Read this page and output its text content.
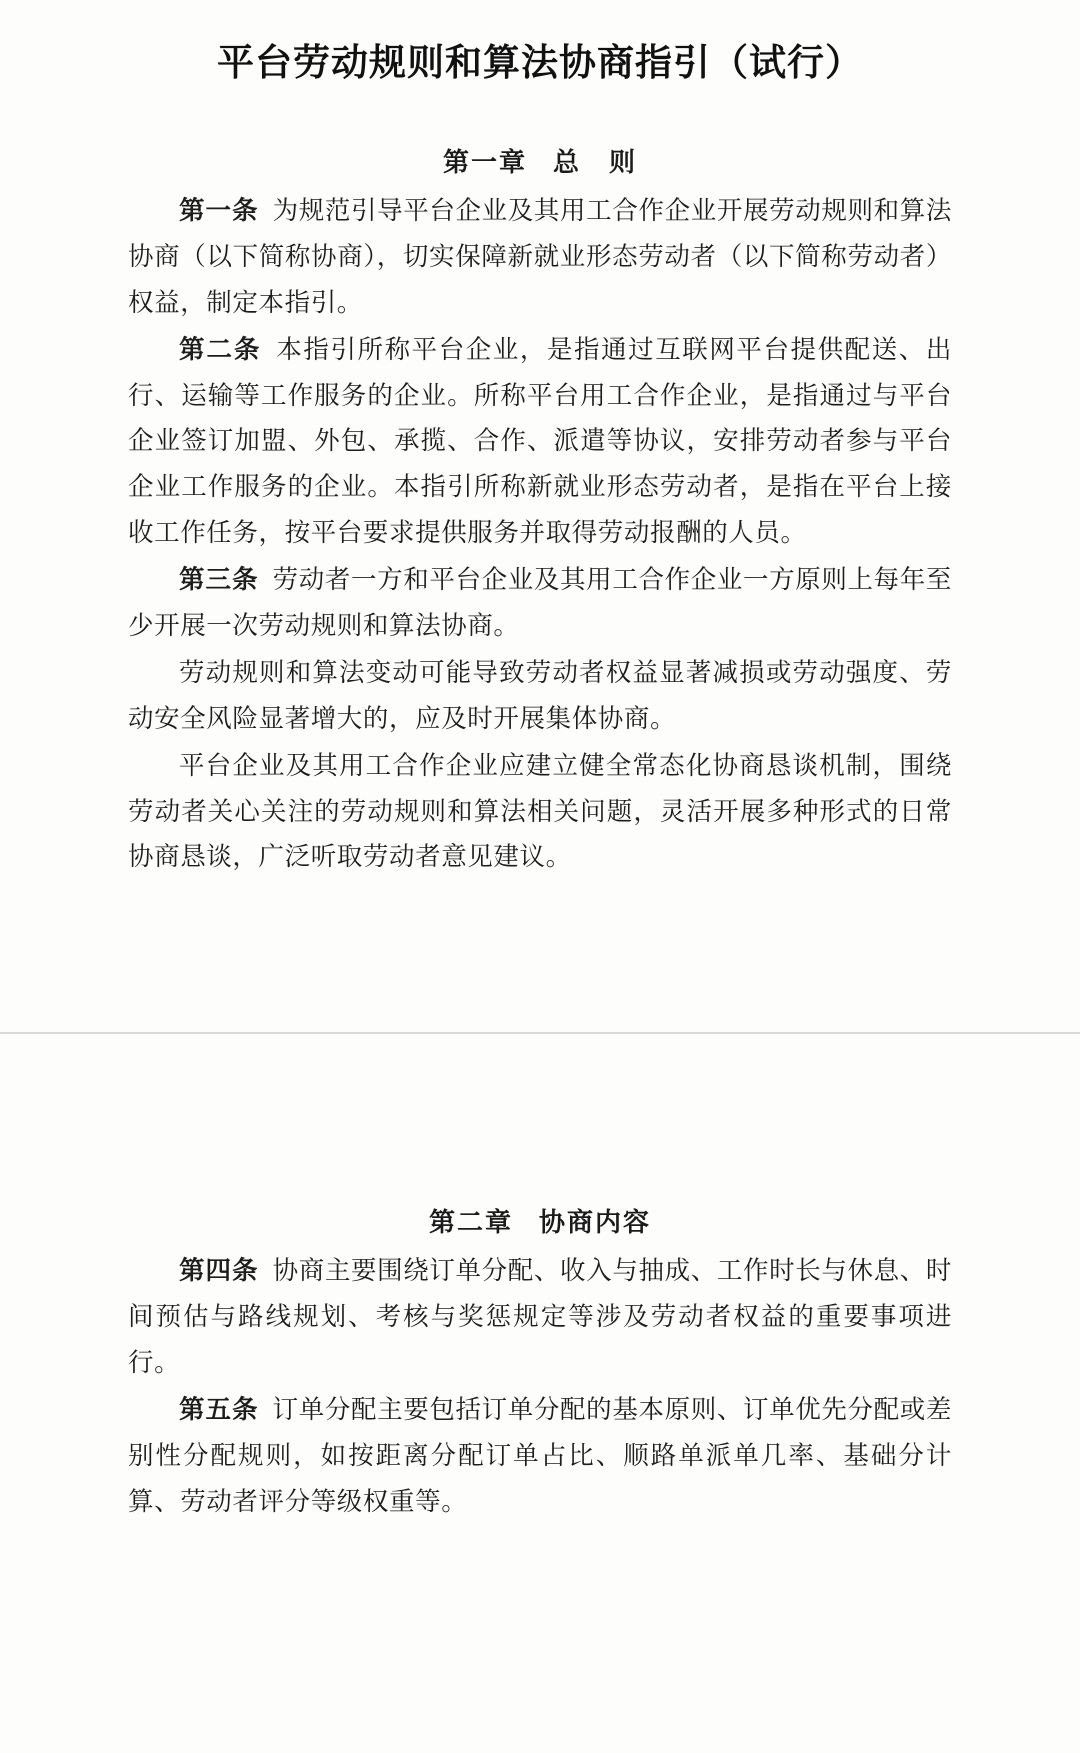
平台劳动规则和算法协商指引（试行）
第一章 总　则

第一条 为规范引导平台企业及其用工合作企业开展劳动规则和算法协商（以下简称协商），切实保障新就业形态劳动者（以下简称劳动者）权益，制定本指引。

第二条 本指引所称平台企业，是指通过互联网平台提供配送、出行、运输等工作服务的企业。所称平台用工合作企业，是指通过与平台企业签订加盟、外包、承揽、合作、派遣等协议，安排劳动者参与平台企业工作服务的企业。本指引所称新就业形态劳动者，是指在平台上接收工作任务，按平台要求提供服务并取得劳动报酬的人员。

第三条 劳动者一方和平台企业及其用工合作企业一方原则上每年至少开展一次劳动规则和算法协商。

劳动规则和算法变动可能导致劳动者权益显著减损或劳动强度、劳动安全风险显著增大的，应及时开展集体协商。

平台企业及其用工合作企业应建立健全常态化协商恳谈机制，围绕劳动者关心关注的劳动规则和算法相关问题，灵活开展多种形式的日常协商恳谈，广泛听取劳动者意见建议。

第二章 协商内容

第四条 协商主要围绕订单分配、收入与抽成、工作时长与休息、时间预估与路线规划、考核与奖惩规定等涉及劳动者权益的重要事项进行。

第五条 订单分配主要包括订单分配的基本原则、订单优先分配或差别性分配规则，如按距离分配订单占比、顺路单派单几率、基础分计算、劳动者评分等级权重等。
